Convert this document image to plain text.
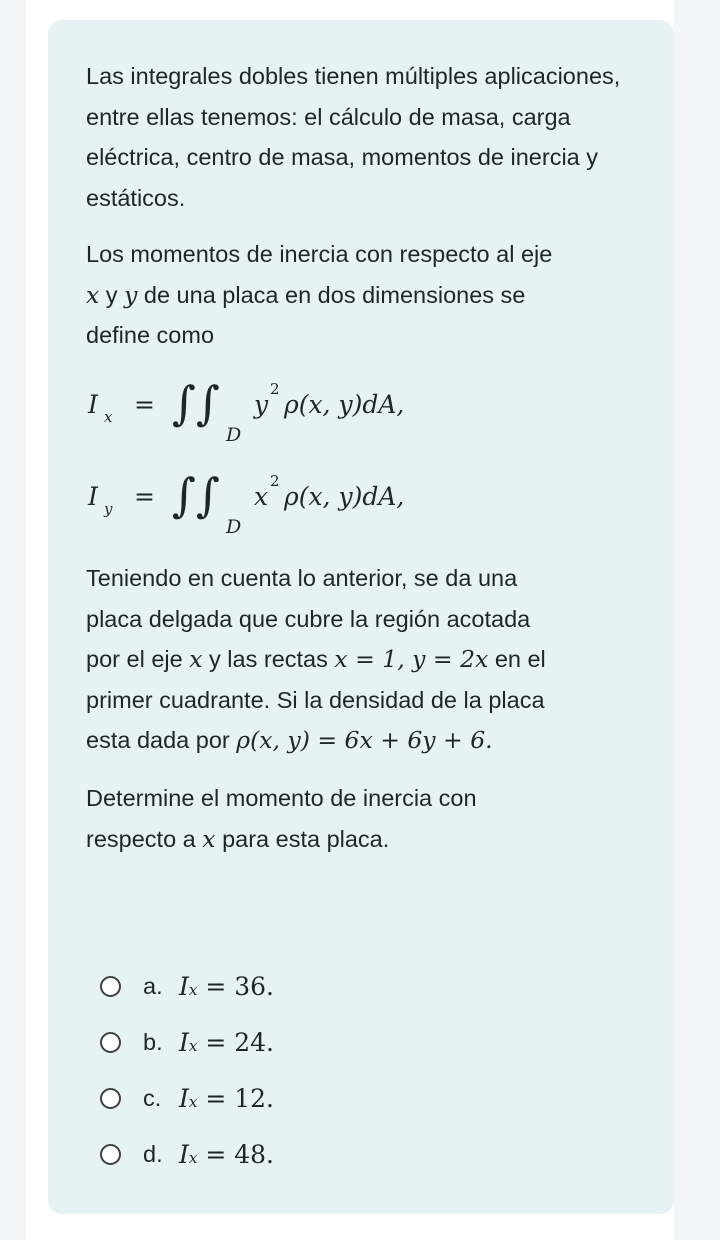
Las integrales dobles tienen múltiples aplicaciones, entre ellas tenemos: el cálculo de masa, carga eléctrica, centro de masa, momentos de inercia y estáticos.

Los momentos de inercia con respecto al eje
x y y de una placa en dos dimensiones se
define como

I x = ∫∫
D
y
2
ρ(x, y)dA,
I y = ∫∫
D
x
2
ρ(x, y)dA,

Teniendo en cuenta lo anterior, se da una
placa delgada que cubre la región acotada
por el eje x y las rectas x = 1, y = 2x en el
primer cuadrante. Si la densidad de la placa
esta dada por ρ(x, y) = 6x + 6y + 6.

Determine el momento de inercia con
respecto a x para esta placa.

a. Ix = 36.
b. Ix = 24.
c. Ix = 12.
d. Ix = 48.
